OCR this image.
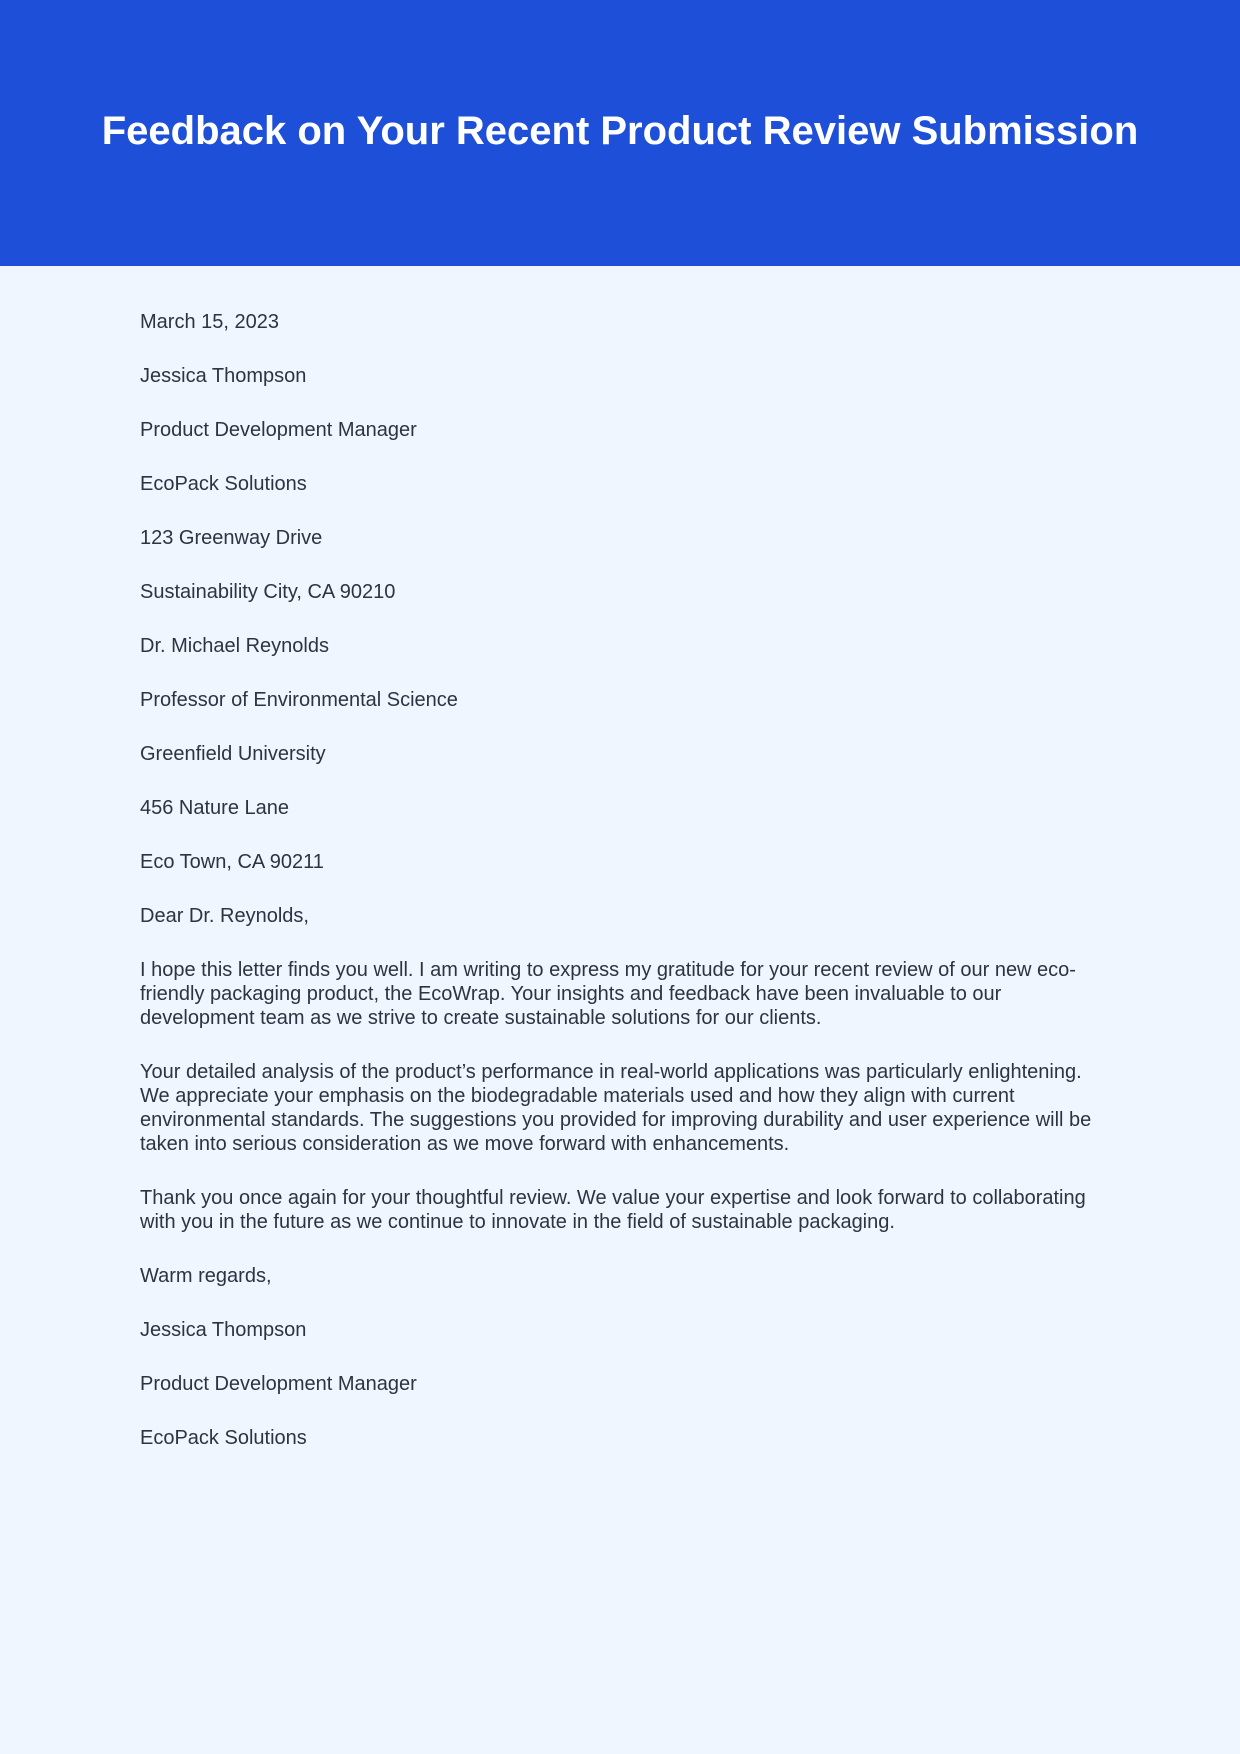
Feedback on Your Recent Product Review Submission

March 15, 2023

Jessica Thompson

Product Development Manager

EcoPack Solutions

123 Greenway Drive

Sustainability City, CA 90210

Dr. Michael Reynolds

Professor of Environmental Science

Greenfield University

456 Nature Lane

Eco Town, CA 90211

Dear Dr. Reynolds,

I hope this letter finds you well. I am writing to express my gratitude for your recent review of our new eco-friendly packaging product, the EcoWrap. Your insights and feedback have been invaluable to our development team as we strive to create sustainable solutions for our clients.

Your detailed analysis of the product’s performance in real-world applications was particularly enlightening. We appreciate your emphasis on the biodegradable materials used and how they align with current environmental standards. The suggestions you provided for improving durability and user experience will be taken into serious consideration as we move forward with enhancements.

Thank you once again for your thoughtful review. We value your expertise and look forward to collaborating with you in the future as we continue to innovate in the field of sustainable packaging.

Warm regards,

Jessica Thompson

Product Development Manager

EcoPack Solutions
